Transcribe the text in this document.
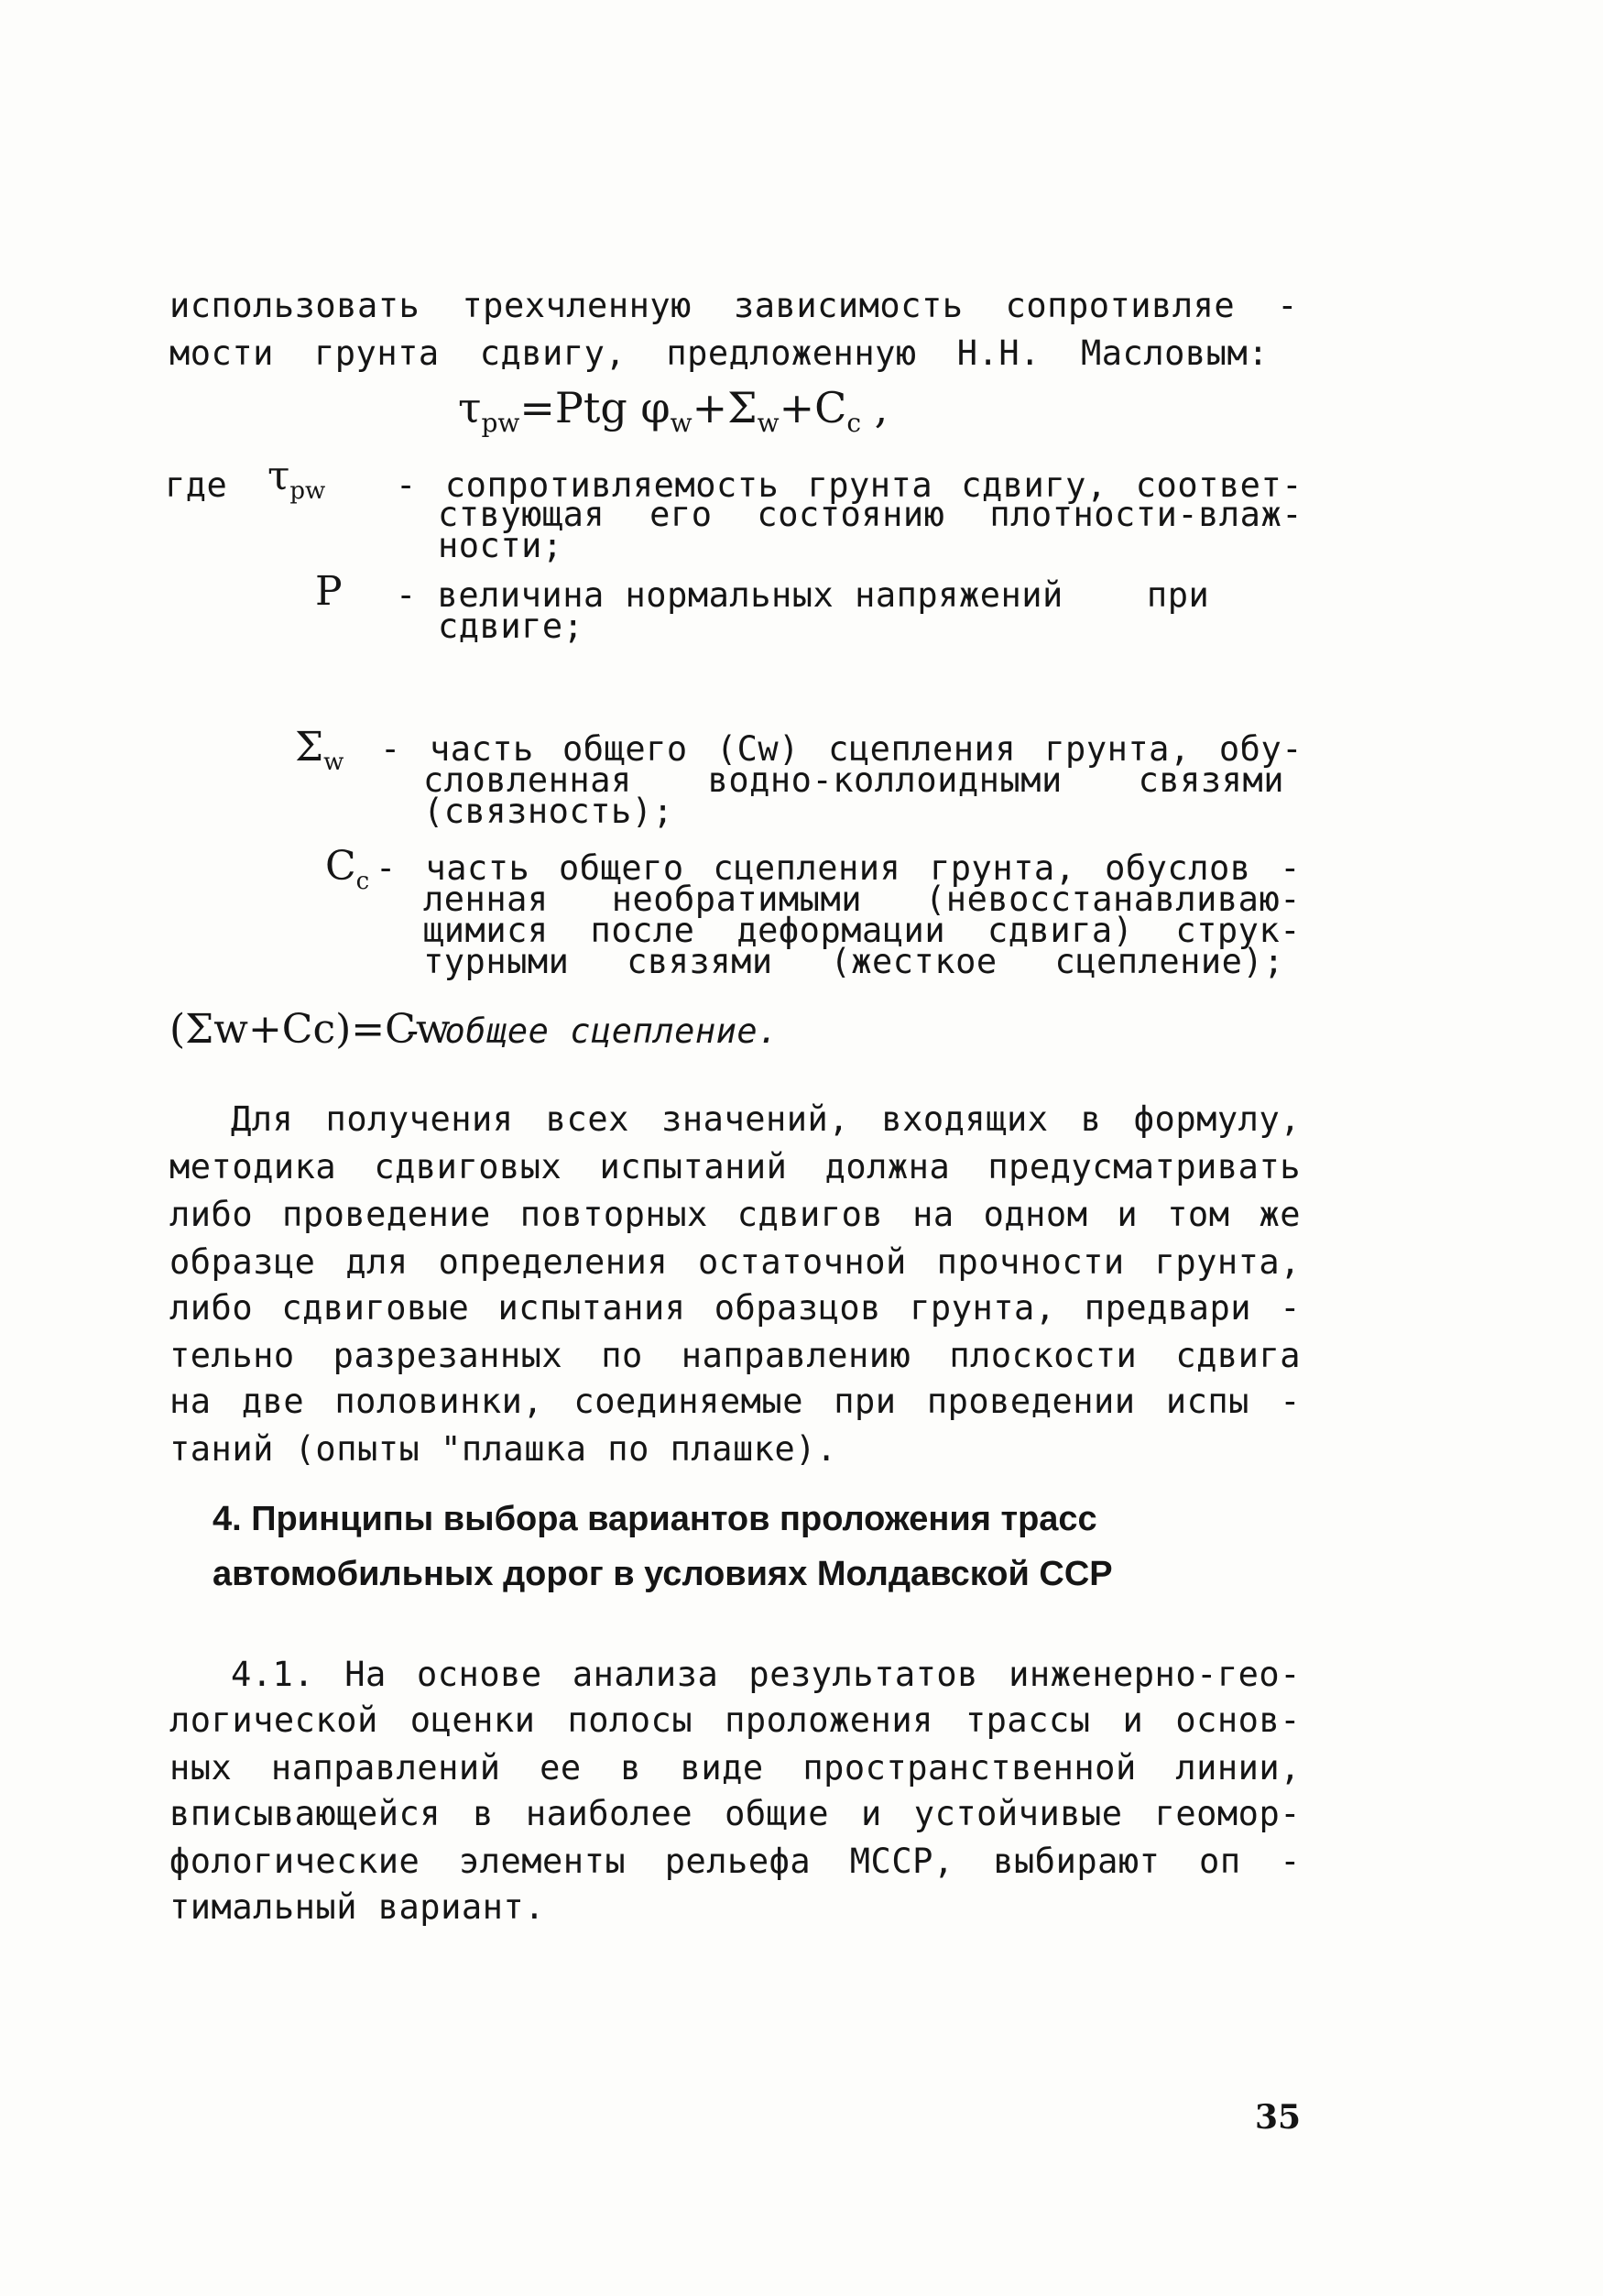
использовать трехчленную зависимость сопротивляе -
мости грунта сдвигу, предложенную Н.Н. Масловым:
$\tau_{pw}=Ptg$ $\varphi_w+\Sigma_w+C_c$ ,
где $\tau_{pw}$ - сопротивляемость грунта сдвигу, соответ-
ствующая его состоянию плотности-влаж-
ности;
P - величина нормальных напряжений    при
сдвиге;
$\Sigma_w$ - часть общего (Cw) сцепления грунта, обу-
словленная водно-коллоидными связями
(связность);
$C_c$ - часть общего сцепления грунта, обуслов -
ленная необратимыми (невосстанавливаю-
щимися после деформации сдвига) струк-
турными связями (жесткое сцепление);
(Σw+Cc)=Cw
- общее сцепление.
Для получения всех значений, входящих в формулу,
методика сдвиговых испытаний должна предусматривать
либо проведение повторных сдвигов на одном и том же
образце для определения остаточной прочности грунта,
либо сдвиговые испытания образцов грунта, предвари -
тельно разрезанных по направлению плоскости сдвига
на две половинки, соединяемые при проведении испы -
таний (опыты "плашка по плашке).
4. Принципы выбора вариантов проложения трасс
автомобильных дорог в условиях Молдавской ССР
4.1. На основе анализа результатов инженерно-гео-
логической оценки полосы проложения трассы и основ-
ных направлений ее в виде пространственной линии,
вписывающейся в наиболее общие и устойчивые геомор-
фологические элементы рельефа МССР, выбирают оп -
тимальный вариант.
35
